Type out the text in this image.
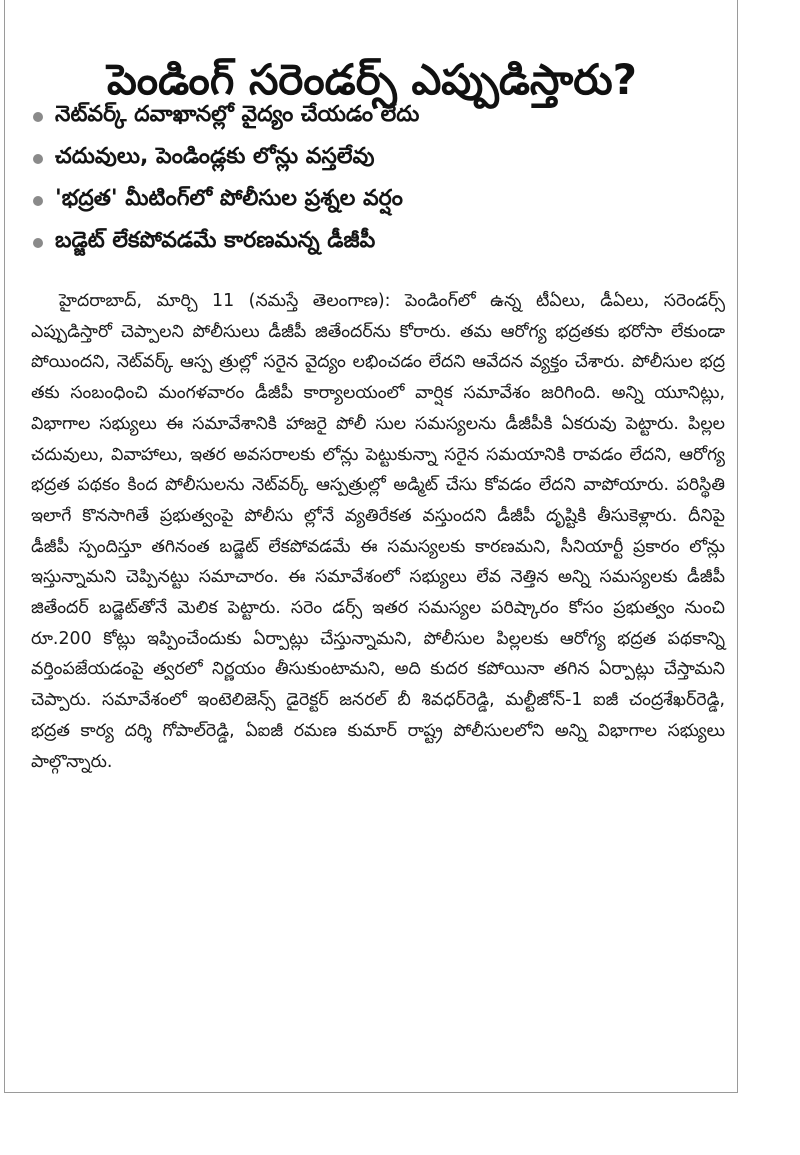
పెండింగ్ సరెండర్స్ ఎప్పుడిస్తారు?
నెట్‌వర్క్ దవాఖానల్లో వైద్యం చేయడం లేదు
చదువులు, పెండిండ్లకు లోన్లు వస్తలేవు
'భద్రత' మీటింగ్‌లో పోలీసుల ప్రశ్నల వర్షం
బడ్జెట్ లేకపోవడమే కారణమన్న డీజీపీ

హైదరాబాద్, మార్చి 11 (నమస్తే తెలంగాణ): పెండింగ్‌లో ఉన్న టీఏలు, డీఏలు, సరెండర్స్ ఎప్పుడిస్తారో చెప్పాలని పోలీసులు డీజీపీ జితేందర్‌ను కోరారు. తమ ఆరోగ్య భద్రతకు భరోసా లేకుండా పోయిందని, నెట్‌వర్క్ ఆస్ప త్రుల్లో సరైన వైద్యం లభించడం లేదని ఆవేదన వ్యక్తం చేశారు. పోలీసుల భద్ర తకు సంబంధించి మంగళవారం డీజీపీ కార్యాలయంలో వార్షిక సమావేశం జరిగింది. అన్ని యూనిట్లు, విభాగాల సభ్యులు ఈ సమావేశానికి హాజరై పోలీ సుల సమస్యలను డీజీపీకి ఏకరువు పెట్టారు. పిల్లల చదువులు, వివాహాలు, ఇతర అవసరాలకు లోన్లు పెట్టుకున్నా సరైన సమయానికి రావడం లేదని, ఆరోగ్య భద్రత పథకం కింద పోలీసులను నెట్‌వర్క్ ఆస్పత్రుల్లో అడ్మిట్ చేసు కోవడం లేదని వాపోయారు. పరిస్థితి ఇలాగే కొనసాగితే ప్రభుత్వంపై పోలీసు ల్లోనే వ్యతిరేకత వస్తుందని డీజీపీ దృష్టికి తీసుకెళ్లారు. దీనిపై డీజీపీ స్పందిస్తూ తగినంత బడ్జెట్ లేకపోవడమే ఈ సమస్యలకు కారణమని, సీనియార్టీ ప్రకారం లోన్లు ఇస్తున్నామని చెప్పినట్టు సమాచారం. ఈ సమావేశంలో సభ్యులు లేవ నెత్తిన అన్ని సమస్యలకు డీజీపీ జితేందర్ బడ్జెట్‌తోనే మెలిక పెట్టారు. సరెం డర్స్ ఇతర సమస్యల పరిష్కారం కోసం ప్రభుత్వం నుంచి రూ.200 కోట్లు ఇప్పించేందుకు ఏర్పాట్లు చేస్తున్నామని, పోలీసుల పిల్లలకు ఆరోగ్య భద్రత పథకాన్ని వర్తింపజేయడంపై త్వరలో నిర్ణయం తీసుకుంటామని, అది కుదర కపోయినా తగిన ఏర్పాట్లు చేస్తామని చెప్పారు. సమావేశంలో ఇంటెలిజెన్స్ డైరెక్టర్ జనరల్ బీ శివధర్‌రెడ్డి, మల్టీజోన్-1 ఐజీ చంద్రశేఖర్‌రెడ్డి, భద్రత కార్య దర్శి గోపాల్‌రెడ్డి, ఏఐజీ రమణ కుమార్ రాష్ట్ర పోలీసులలోని అన్ని విభాగాల సభ్యులు పాల్గొన్నారు.
